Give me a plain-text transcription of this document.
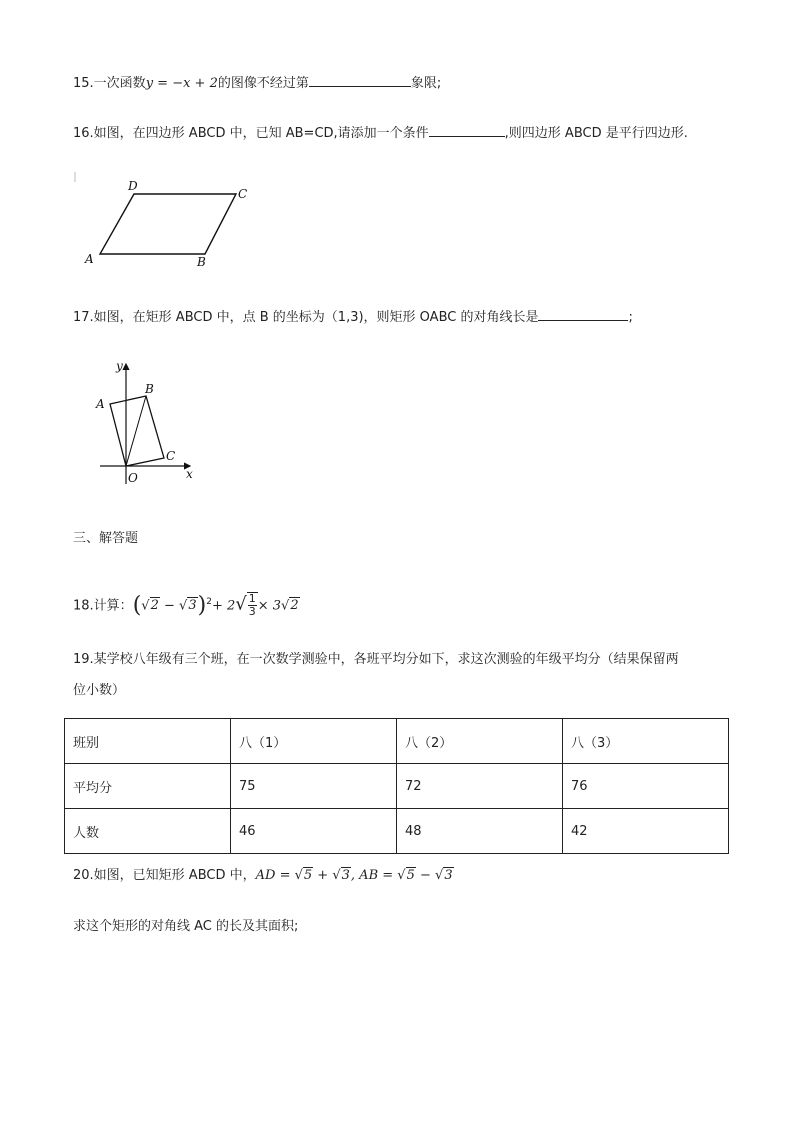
15.一次函数y = −x + 2的图像不经过第	象限;
16.如图，在四边形 ABCD 中，已知 AB=CD,请添加一个条件	,则四边形 ABCD 是平行四边形.
D
C
A	B
17.如图，在矩形 ABCD 中，点 B 的坐标为（1,3)，则矩形 OABC 的对角线长是	;
y
x
A
B
C
O
三、解答题
18.计算：$(√2 - √3)^2+ 2√ \frac{1}{3} \times 3√2$
19.某学校八年级有三个班，在一次数学测验中，各班平均分如下，求这次测验的年级平均分（结果保留两
位小数）
班别	八（1）	八（2）	八（3）
平均分	75	72	76
人数	46	48	42
20.如图，已知矩形 ABCD 中，AD = √5 + √3, AB = √5 − √3
求这个矩形的对角线 AC 的长及其面积;
